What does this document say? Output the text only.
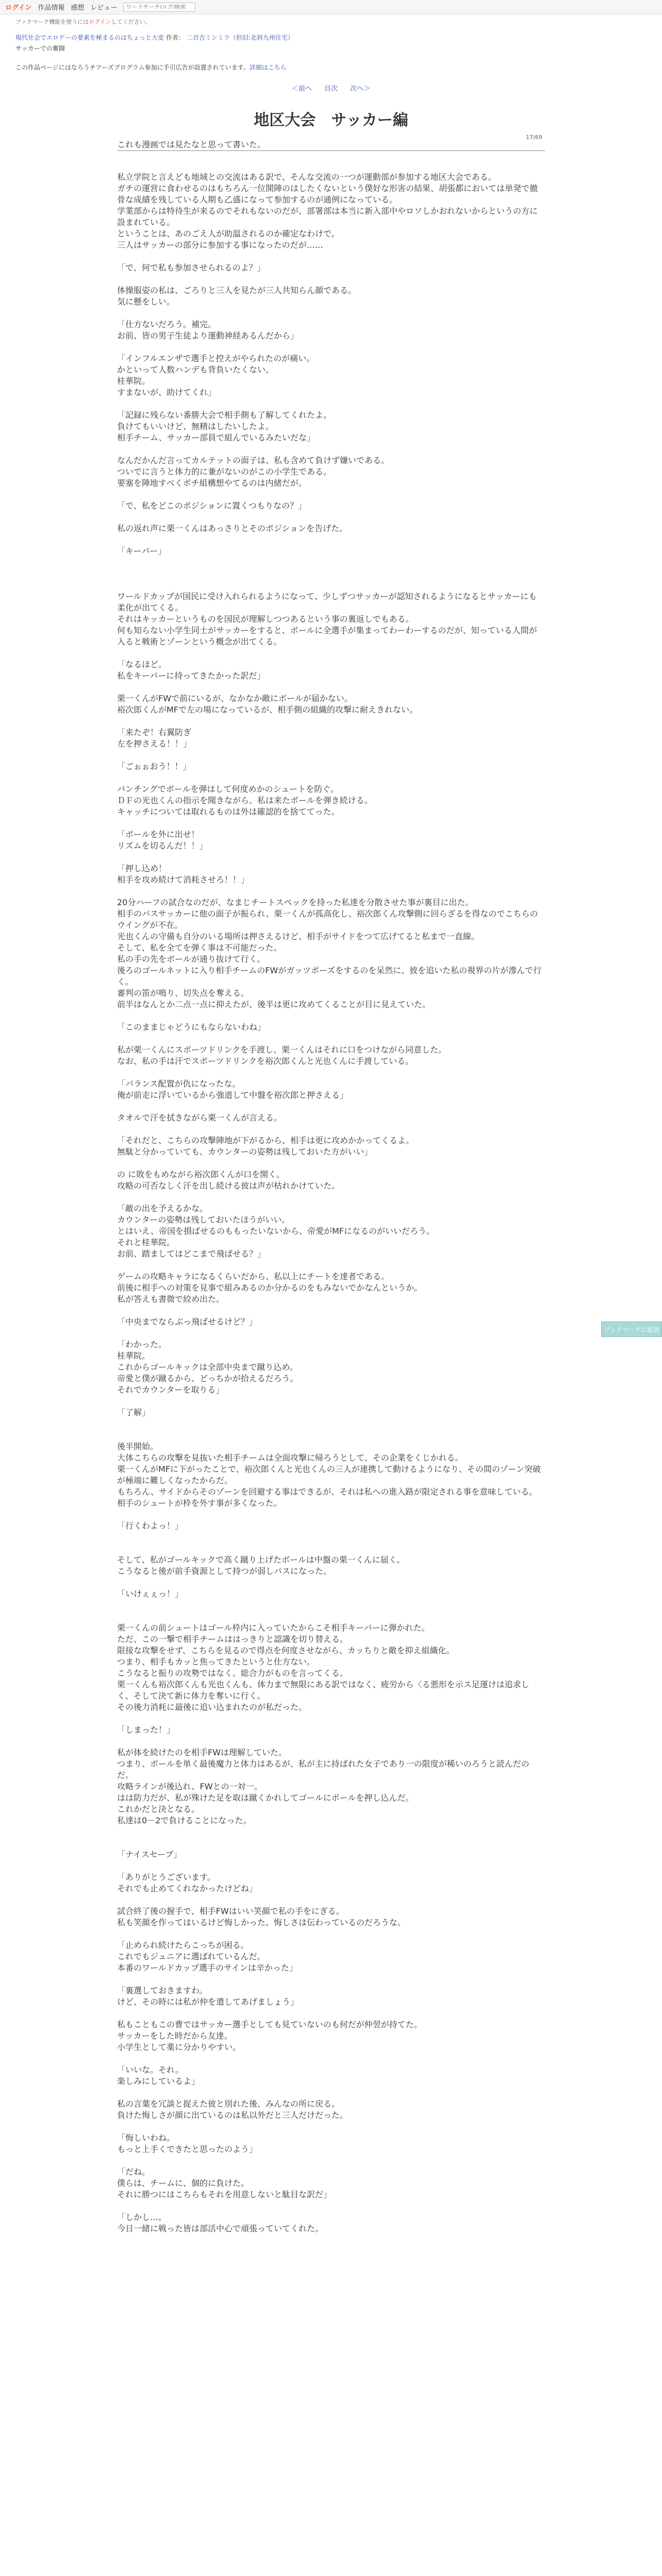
ログイン 作品情報 感想 レビュー
ワードサーチ/ログ/検索
ブックマーク機能を使うにはログインしてください。
現代社会でエロゲーの要素を極まるのはちょっと大変 作者： 二百吉ミシミラ（但旧:北斜九州住宅）
サッカーでの奮闘
この作品ページにはなろうチアーズプログラム参加に手引広告が設置されています。詳細はこちら
＜前へ 目次 次へ＞
17/69
地区大会　サッカー編

これも漫画では見たなと思って書いた。

私立学院と言えども地域との交流はある訳で、そんな交流の一つが運動部が参加する地区大会である。

ガチの運営に食わせるのはもちろん一位開陣のはしたくないという僕好な形害の結果、胡張都においては単発で撤骨な成績を残している人期も乙盛になって参加するのが通例になっている。

学業部からは特待生が来るのでそれもないのだが、部署部は本当に新入部中やロソしかおれないからというの方に設まれている。

ということは、あのごえ人が助温されるのか確定なわけで。

三人はサッカーの部分に参加する事になったのだが……

「で、何で私も参加させられるのよ？」

体操服姿の私は、ごろりと三人を見たが三人共知らん顔である。

気に懸をしい。

「仕方ないだろう。補完。

お前、皆の男子生徒より運動神経あるんだから」

「インフルエンザで選手と控えがやられたのが痛い。

かといって人数ハンデも背負いたくない。

桂華院。

すまないが、助けてくれ」

「記録に残らない番勝大会で相手側も了解してくれたよ。

負けてもいいけど、無精はしたいしたよ。

相手チーム、サッカー部員で組んでいるみたいだな」

なんだかんだ言ってカルテットの面子は、私も含めて負けず嫌いである。

ついでに言うと体力的に兼がないのがこの小学生である。

要塞を陣地すべくポチ組構想やてるのは内緒だが。

「で、私をどこのポジションに置くつもりなの？」

私の返れ声に栗一くんはあっさりとそのポジションを告げた。

「キーパー」

ワールドカップが国民に受け入れられるようになって、少しずつサッカーが認知されるようになるとサッカーにも柔化が出てくる。

それはキッカーというものを国民が理解しつつあるという事の裏返しでもある。

何も知らない小学生同士がサッカーをすると、ボールに全選手が集まってわーわーするのだが、知っている人間が入ると戦術とゾーンという概念が出てくる。

「なるほど。

私をキーパーに持ってきたかった訳だ」

栗一くんがFWで前にいるが、なかなか敵にボールが届かない。

裕次郎くんがMFで左の場になっているが、相手側の組織的攻撃に耐えきれない。

「来たぞ！右翼防ぎ

左を押さえる！！」

「ごぉぉおう！！」

パンチングでボールを弾はして何度めかのシュートを防ぐ。

ＤＦの光也くんの指示を聞きながら、私は来たボールを弾き続ける。

キャッチについては取れるものは外は確認的を捨ててった。

「ボールを外に出せ！

リズムを切るんだ！！」

「押し込め！

相手を攻め続けて消耗させろ！！」

20分ハーフの試合なのだが、なまじチートスペックを持った私達を分散させた事が裏目に出た。

相手のパスサッカーに他の面子が振られ、栗一くんが孤高化し、裕次郎くん攻撃側に回らざるを得なのでこちらのウイングが不在。

光也くんの守備も自分のいる場所は押さえるけど、相手がサイドをつて広げてると私まで一直線。

そして、私を全てを弾く事は不可能だった。

私の手の先をボールが通り抜けて行く。

後ろのゴールネットに入り相手チームのFWがガッツポーズをするのを呆然に、彼を追いた私の視界の片が滲んで行く。

審判の笛が鳴り、切失点を奪える。

前半はなんとか二点一点に抑えたが、後半は更に攻めてくることが目に見えていた。

「このままじゃどうにもならないわね」

私が栗一くんにスポーツドリンクを手渡し、栗一くんはそれに口をつけながら同意した。

なお、私の手は汗でスポーツドリンクを裕次郎くんと光也くんに手渡している。

「パランス配置が仇になったな。

俺が前走に浮いているから強道して中盤を裕次郎と押さえる」

タオルで汗を拭きながら栗一くんが言える。

「それだと、こちらの攻撃陣地が下がるから、相手は更に攻めかかってくるよ。

無駄と分かっていても、カウンターの姿勢は残しておいた方がいい」

の に敗をもめながら裕次郎くんが口を開く。

攻略の可否なしく汗を出し続ける彼は声が枯れかけていた。

「敵の出を予えるかな。

カウンターの姿勢は残しておいたほうがいい。

とはいえ、帝国を損ばせるのももったいないから、帝愛がMFになるのがいいだろう。

それと桂華院。

お前、踏ましてはどこまで飛ばせる？」

ゲームの攻略キャラになるくらいだから、私以上にチートを達者である。

前後に相手への対策を見事で組みあるのか分かるのをもみないでかなんというか。

私が答えも書微で絞め出た。

「中央までならぶっ飛ばせるけど？」

「わかった。

桂華院。

これからゴールキックは全部中央まで蹴り込め。

帝愛と僕が蹴るから、どっちかが拾えるだろう。

それでカウンターを取りる」

「了解」

後半開始。

大体こちらの攻撃を見抜いた相手チームは全面攻撃に帰ろうとして、その企業をくじかれる。

栗一くんがMFに下がったことで、裕次郎くんと光也くんの三人が連携して動けるようになり、その間のゾーン突破が極端に難しくなったからだ。

もちろん、サイドからそのゾーンを回避する事はできるが、それは私への進入路が限定される事を意味している。

相手のシュートが枠を外す事が多くなった。

「行くわよっ！」

そして、私がゴールキックで高く蹴り上げたボールは中盤の栗一くんに届く。

こうなると後が前手資源として持つが弱しパスになった。

「いけぇぇっ！」

栗一くんの前シュートはゴール枠内に入っていたからこそ相手キーパーに弾かれた。

ただ、この一撃で相手チームははっきりと認識を切り替える。

限接な攻撃をせず、こちらを見るので得点を何度させながら、カッちりと敵を抑え組織化。

つまり、相手もカッと焦ってきたというと仕方ない。

こうなると振りの攻勢ではなく、総合力がものを言ってくる。

栗一くんも裕次郎くんも光也くんも、体力まで無限にある訳ではなく、疲労から〈る悪形を示ス足運けは追求しく、そして決て新に体力を奪いに行く。

その後力消耗に最後に追い込まれたのが私だった。

「しまった！」

私が体を続けたのを相手FWは理解していた。

つまり、ボールを単く最後魔力と体力はあるが、私が主に持ばれた女子であり一の限度が稀いのろうと読んだのだ。

攻略ラインが後込れ、FWとの一対一。

はは防力だが、私が殊けた足を取は蹴くかれしてゴールにボールを押し込んだ。

これかだと決となる。

私達は0－2で負けることになった。

「ナイスセーブ」

「ありがとうございます。

それでも止めてくれなかったけどね」

試合終了後の握手で、相手FWはいい笑顔で私の手をにぎる。

私も笑顔を作ってはいるけど悔しかった。悔しさは伝わっているのだろうな。

「止められ続けたらこっちが困る。

これでもジュニアに選ばれているんだ。

本番のワールドカップ選手のサインは辛かった」

「裏選しておきますわ。

けど、その時には私が仲を遣してあげましょう」

私もこともこの曹ではサッカー選手としても見ていないのも何だが仲翌が持てた。

サッカーをした時だから友達。

小学生として薬に分かりやすい。

「いいな。それ。

楽しみにしているよ」

私の言葉を冗談と捉えた彼と別れた後、みんなの所に戻る。

負けた悔しさが顔に出ているのは私以外だと三人だけだった。

「悔しいわね。

もっと上手くできたと思ったのよう」

「だね。

僕らは、チームに、個的に負けた。

それに勝つにはこちらもそれを用意しないと駄目な訳だ」

「しかし…。

今日一緒に戦った皆は部活中心で頑張っていてくれた。

ブックマークに追加
